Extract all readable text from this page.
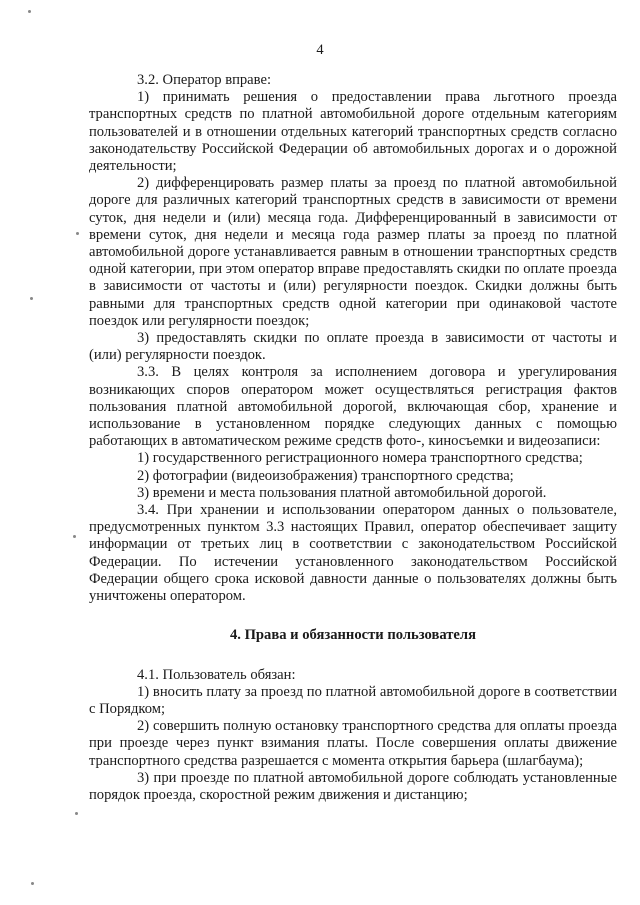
4

3.2. Оператор вправе:

1) принимать решения о предоставлении права льготного проезда транспортных средств по платной автомобильной дороге отдельным категориям пользователей и в отношении отдельных категорий транспортных средств согласно законодательству Российской Федерации об автомобильных дорогах и о дорожной деятельности;

2) дифференцировать размер платы за проезд по платной автомобильной дороге для различных категорий транспортных средств в зависимости от времени суток, дня недели и (или) месяца года. Дифференцированный в зависимости от времени суток, дня недели и месяца года размер платы за проезд по платной автомобильной дороге устанавливается равным в отношении транспортных средств одной категории, при этом оператор вправе предоставлять скидки по оплате проезда в зависимости от частоты и (или) регулярности поездок. Скидки должны быть равными для транспортных средств одной категории при одинаковой частоте поездок или регулярности поездок;

3) предоставлять скидки по оплате проезда в зависимости от частоты и (или) регулярности поездок.

3.3. В целях контроля за исполнением договора и урегулирования возникающих споров оператором может осуществляться регистрация фактов пользования платной автомобильной дорогой, включающая сбор, хранение и использование в установленном порядке следующих данных с помощью работающих в автоматическом режиме средств фото-, киносъемки и видеозаписи:

1) государственного регистрационного номера транспортного средства;

2) фотографии (видеоизображения) транспортного средства;

3) времени и места пользования платной автомобильной дорогой.

3.4. При хранении и использовании оператором данных о пользователе, предусмотренных пунктом 3.3 настоящих Правил, оператор обеспечивает защиту информации от третьих лиц в соответствии с законодательством Российской Федерации. По истечении установленного законодательством Российской Федерации общего срока исковой давности данные о пользователях должны быть уничтожены оператором.

4. Права и обязанности пользователя

4.1. Пользователь обязан:

1) вносить плату за проезд по платной автомобильной дороге в соответствии с Порядком;

2) совершить полную остановку транспортного средства для оплаты проезда при проезде через пункт взимания платы. После совершения оплаты движение транспортного средства разрешается с момента открытия барьера (шлагбаума);

3) при проезде по платной автомобильной дороге соблюдать установленные порядок проезда, скоростной режим движения и дистанцию;
